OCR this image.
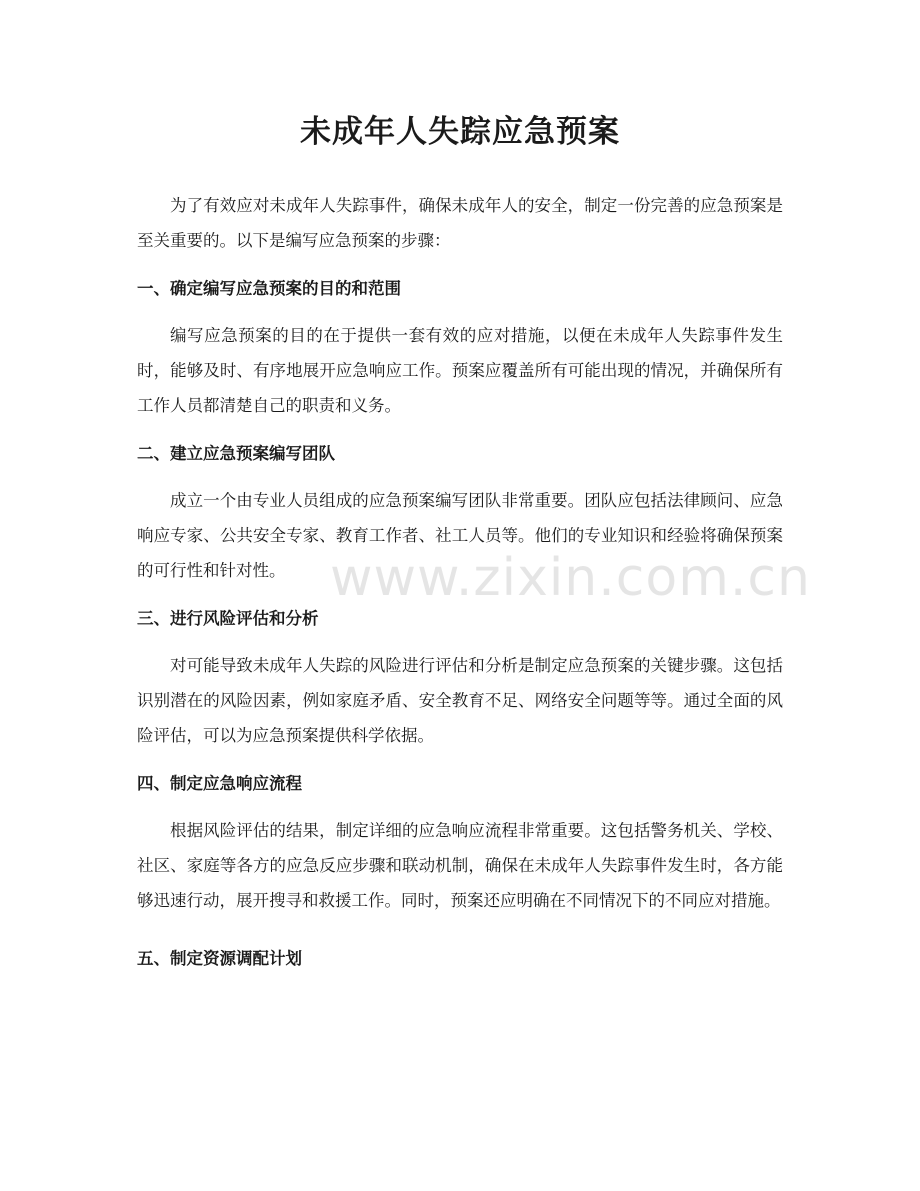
未成年人失踪应急预案

为了有效应对未成年人失踪事件，确保未成年人的安全，制定一份完善的应急预案是至关重要的。以下是编写应急预案的步骤：

一、确定编写应急预案的目的和范围

编写应急预案的目的在于提供一套有效的应对措施，以便在未成年人失踪事件发生时，能够及时、有序地展开应急响应工作。预案应覆盖所有可能出现的情况，并确保所有工作人员都清楚自己的职责和义务。

二、建立应急预案编写团队

成立一个由专业人员组成的应急预案编写团队非常重要。团队应包括法律顾问、应急响应专家、公共安全专家、教育工作者、社工人员等。他们的专业知识和经验将确保预案的可行性和针对性。

三、进行风险评估和分析

对可能导致未成年人失踪的风险进行评估和分析是制定应急预案的关键步骤。这包括识别潜在的风险因素，例如家庭矛盾、安全教育不足、网络安全问题等等。通过全面的风险评估，可以为应急预案提供科学依据。

四、制定应急响应流程

根据风险评估的结果，制定详细的应急响应流程非常重要。这包括警务机关、学校、社区、家庭等各方的应急反应步骤和联动机制，确保在未成年人失踪事件发生时，各方能够迅速行动，展开搜寻和救援工作。同时，预案还应明确在不同情况下的不同应对措施。

五、制定资源调配计划
www.zixin.com.cn
